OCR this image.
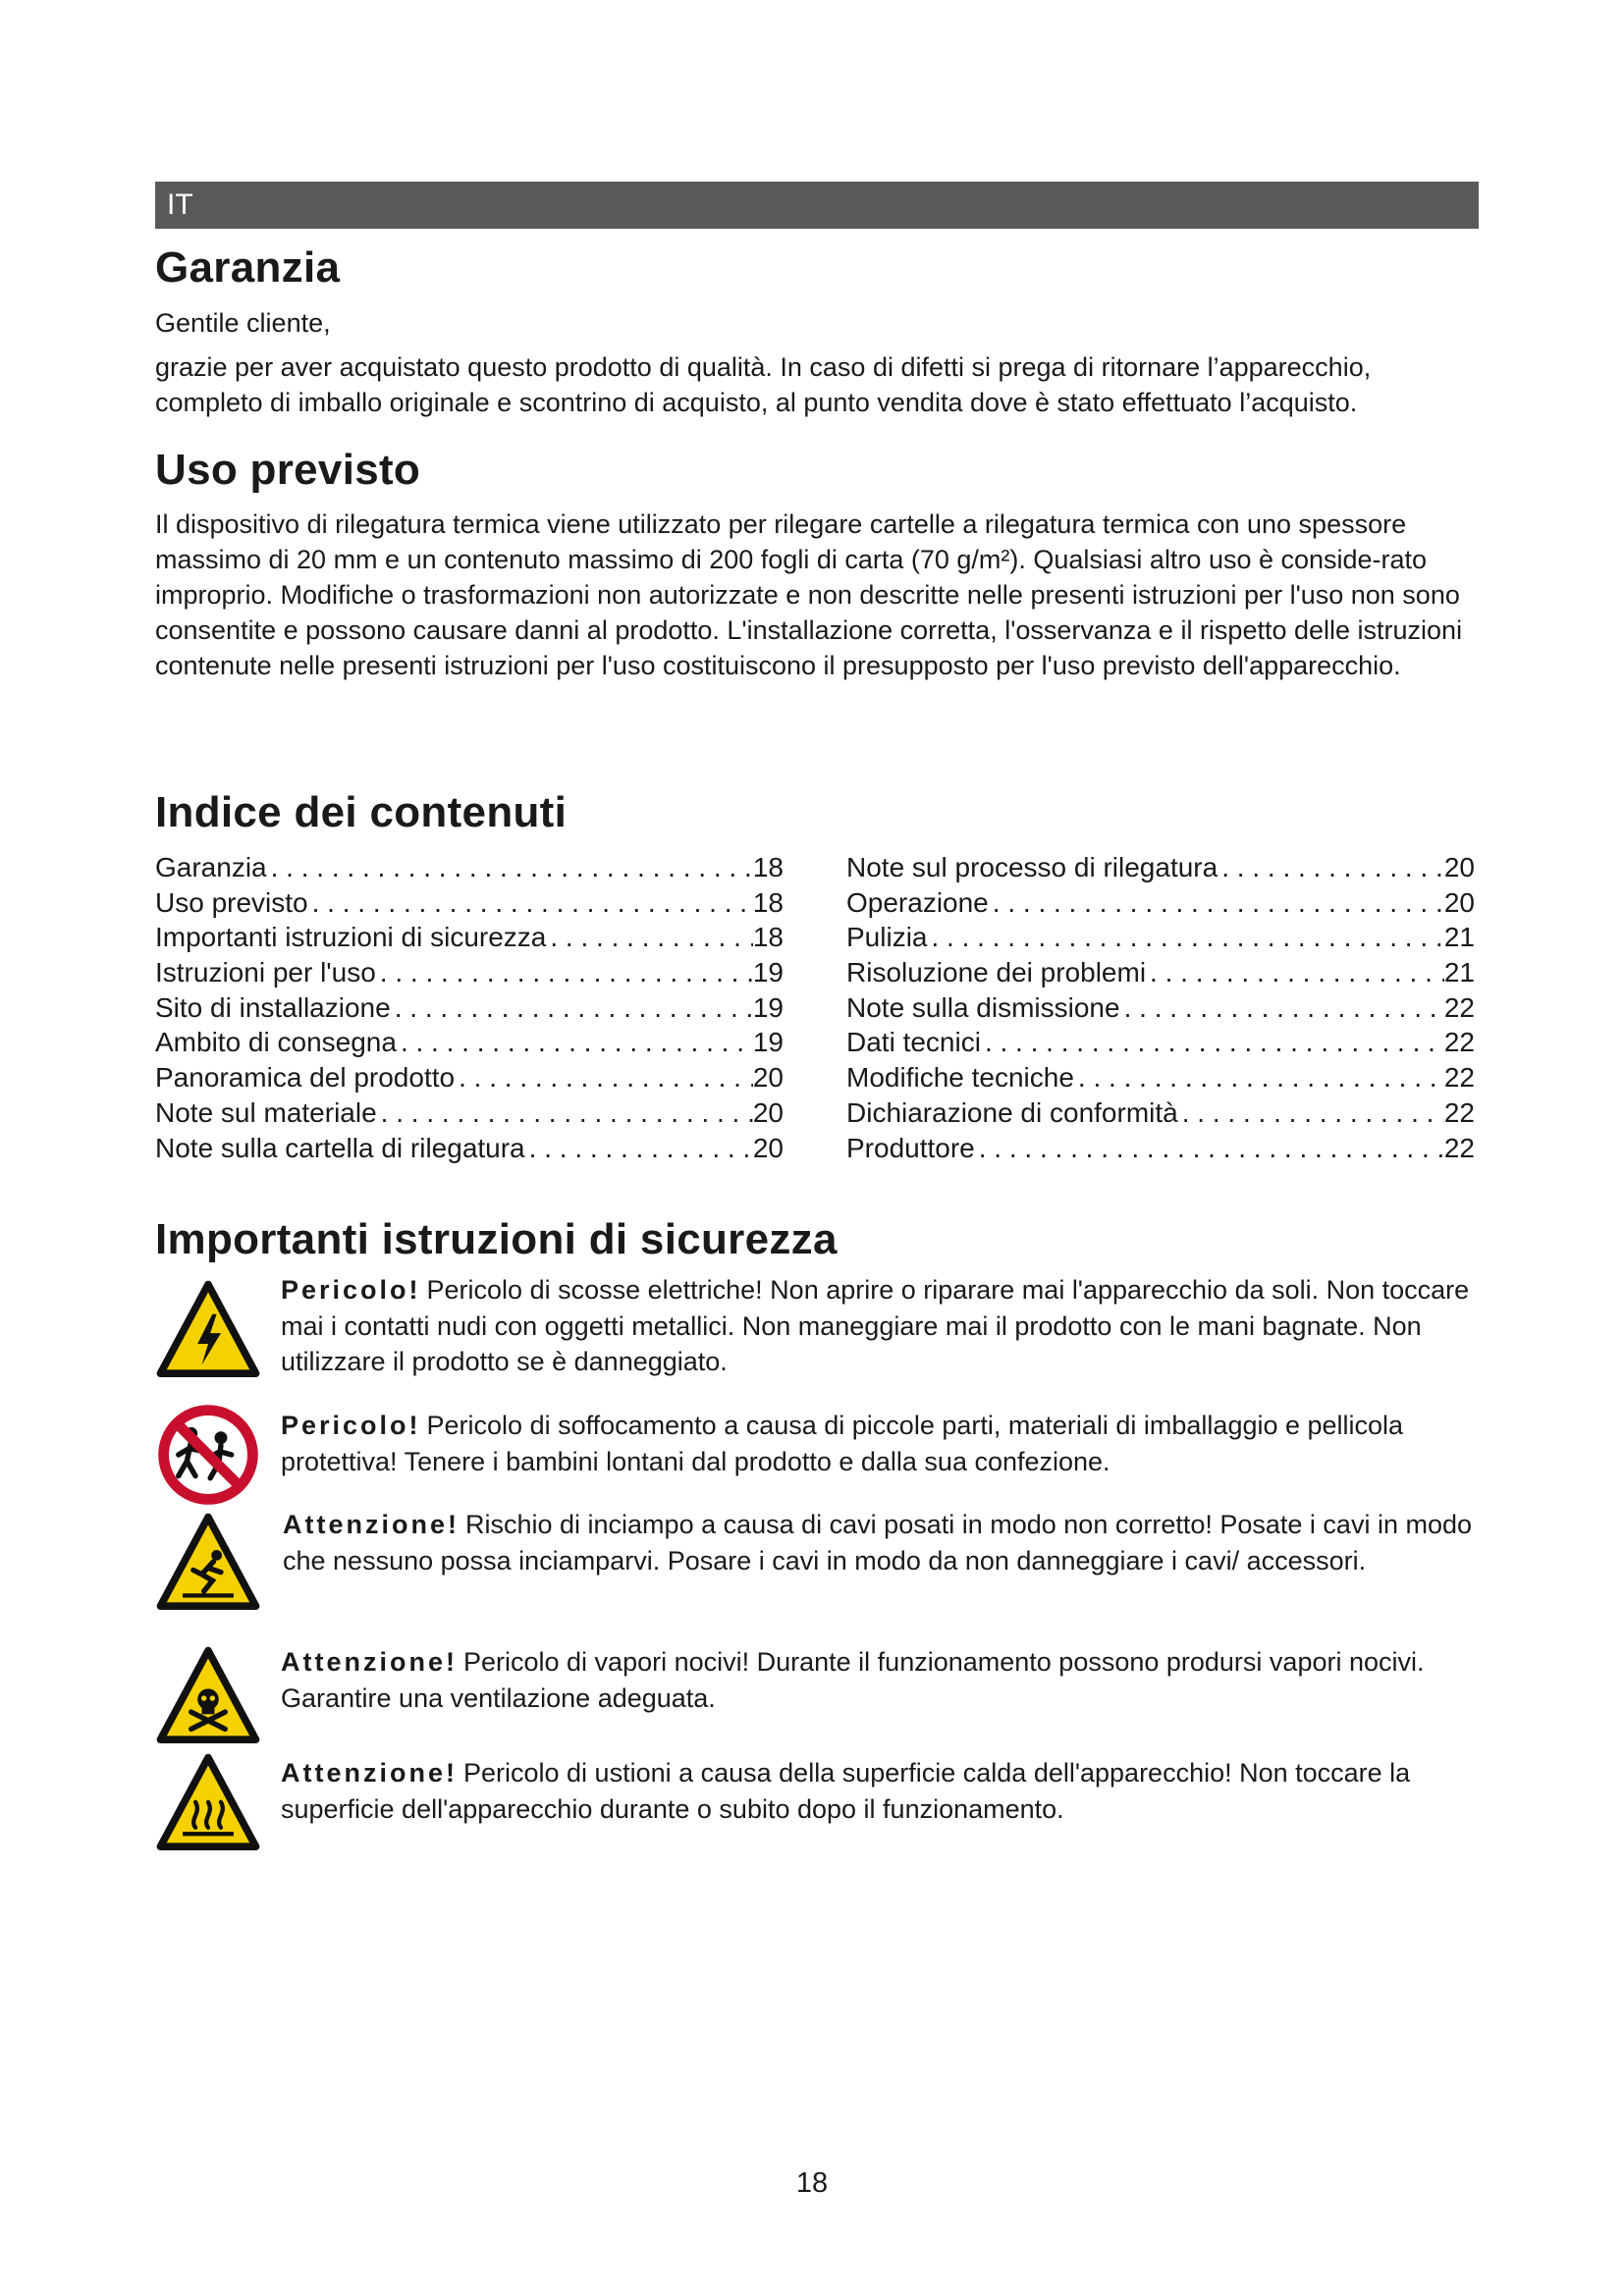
IT
Garanzia

Gentile cliente,

grazie per aver acquistato questo prodotto di qualità. In caso di difetti si prega di ritornare l’apparecchio, completo di imballo originale e scontrino di acquisto, al punto vendita dove è stato effettuato l’acquisto.

Uso previsto

Il dispositivo di rilegatura termica viene utilizzato per rilegare cartelle a rilegatura termica con uno spessore massimo di 20 mm e un contenuto massimo di 200 fogli di carta (70 g/m²). Qualsiasi altro uso è conside-rato improprio. Modifiche o trasformazioni non autorizzate e non descritte nelle presenti istruzioni per l'uso non sono consentite e possono causare danni al prodotto. L'installazione corretta, l'osservanza e il rispetto delle istruzioni contenute nelle presenti istruzioni per l'uso costituiscono il presupposto per l'uso previsto dell'apparecchio.

Indice dei contenuti
Garanzia . . .	18
Uso previsto . . .	18
Importanti istruzioni di sicurezza . . .	18
Istruzioni per l'uso . . .	19
Sito di installazione . . .	19
Ambito di consegna . . .	19
Panoramica del prodotto . . .	20
Note sul materiale . . .	20
Note sulla cartella di rilegatura . . .	20
Note sul processo di rilegatura . . .	20
Operazione . . .	20
Pulizia . . .	21
Risoluzione dei problemi . . .	21
Note sulla dismissione . . .	22
Dati tecnici . . .	22
Modifiche tecniche . . .	22
Dichiarazione di conformità . . .	22
Produttore . . .	22
Importanti istruzioni di sicurezza
Pericolo! Pericolo di scosse elettriche! Non aprire o riparare mai l'apparecchio da soli. Non toccare mai i contatti nudi con oggetti metallici. Non maneggiare mai il prodotto con le mani bagnate. Non utilizzare il prodotto se è danneggiato.
Pericolo! Pericolo di soffocamento a causa di piccole parti, materiali di imballaggio e pellicola protettiva! Tenere i bambini lontani dal prodotto e dalla sua confezione.
Attenzione! Rischio di inciampo a causa di cavi posati in modo non corretto! Posate i cavi in modo che nessuno possa inciamparvi. Posare i cavi in modo da non danneggiare i cavi/ accessori.
Attenzione! Pericolo di vapori nocivi! Durante il funzionamento possono prodursi vapori nocivi. Garantire una ventilazione adeguata.
Attenzione! Pericolo di ustioni a causa della superficie calda dell'apparecchio! Non toccare la superficie dell'apparecchio durante o subito dopo il funzionamento.
18
